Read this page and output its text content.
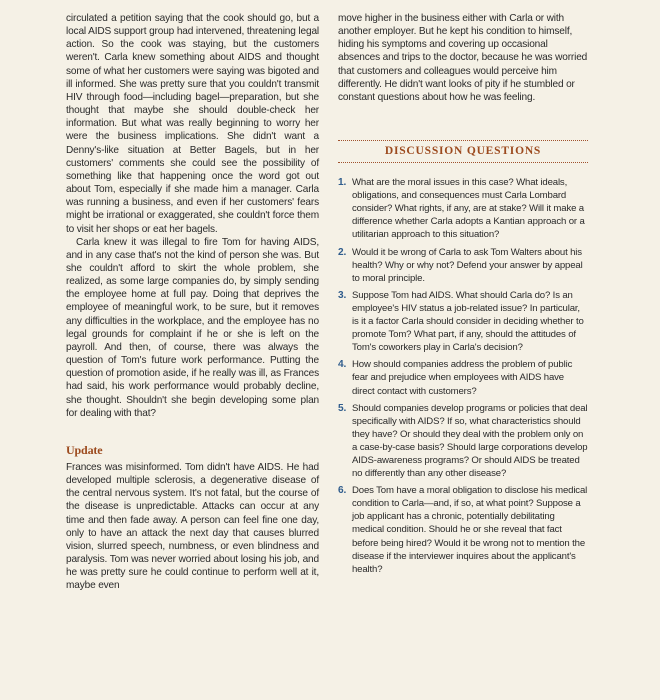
circulated a petition saying that the cook should go, but a local AIDS support group had intervened, threatening legal action. So the cook was staying, but the customers weren't. Carla knew something about AIDS and thought some of what her customers were saying was bigoted and ill informed. She was pretty sure that you couldn't transmit HIV through food—including bagel—preparation, but she thought that maybe she should double-check her information. But what was really beginning to worry her were the business implications. She didn't want a Denny's-like situation at Better Bagels, but in her customers' comments she could see the possibility of something like that happening once the word got out about Tom, especially if she made him a manager. Carla was running a business, and even if her customers' fears might be irrational or exaggerated, she couldn't force them to visit her shops or eat her bagels.

Carla knew it was illegal to fire Tom for having AIDS, and in any case that's not the kind of person she was. But she couldn't afford to skirt the whole problem, she realized, as some large companies do, by simply sending the employee home at full pay. Doing that deprives the employee of meaningful work, to be sure, but it removes any difficulties in the workplace, and the employee has no legal grounds for complaint if he or she is left on the payroll. And then, of course, there was always the question of Tom's future work performance. Putting the question of promotion aside, if he really was ill, as Frances had said, his work performance would probably decline, she thought. Shouldn't she begin developing some plan for dealing with that?

Update

Frances was misinformed. Tom didn't have AIDS. He had developed multiple sclerosis, a degenerative disease of the central nervous system. It's not fatal, but the course of the disease is unpredictable. Attacks can occur at any time and then fade away. A person can feel fine one day, only to have an attack the next day that causes blurred vision, slurred speech, numbness, or even blindness and paralysis. Tom was never worried about losing his job, and he was pretty sure he could continue to perform well at it, maybe even

move higher in the business either with Carla or with another employer. But he kept his condition to himself, hiding his symptoms and covering up occasional absences and trips to the doctor, because he was worried that customers and colleagues would perceive him differently. He didn't want looks of pity if he stumbled or constant questions about how he was feeling.

DISCUSSION QUESTIONS
1. What are the moral issues in this case? What ideals, obligations, and consequences must Carla Lombard consider? What rights, if any, are at stake? Will it make a difference whether Carla adopts a Kantian approach or a utilitarian approach to this situation?
2. Would it be wrong of Carla to ask Tom Walters about his health? Why or why not? Defend your answer by appeal to moral principle.
3. Suppose Tom had AIDS. What should Carla do? Is an employee's HIV status a job-related issue? In particular, is it a factor Carla should consider in deciding whether to promote Tom? What part, if any, should the attitudes of Tom's coworkers play in Carla's decision?
4. How should companies address the problem of public fear and prejudice when employees with AIDS have direct contact with customers?
5. Should companies develop programs or policies that deal specifically with AIDS? If so, what characteristics should they have? Or should they deal with the problem only on a case-by-case basis? Should large corporations develop AIDS-awareness programs? Or should AIDS be treated no differently than any other disease?
6. Does Tom have a moral obligation to disclose his medical condition to Carla—and, if so, at what point? Suppose a job applicant has a chronic, potentially debilitating medical condition. Should he or she reveal that fact before being hired? Would it be wrong not to mention the disease if the interviewer inquires about the applicant's health?
